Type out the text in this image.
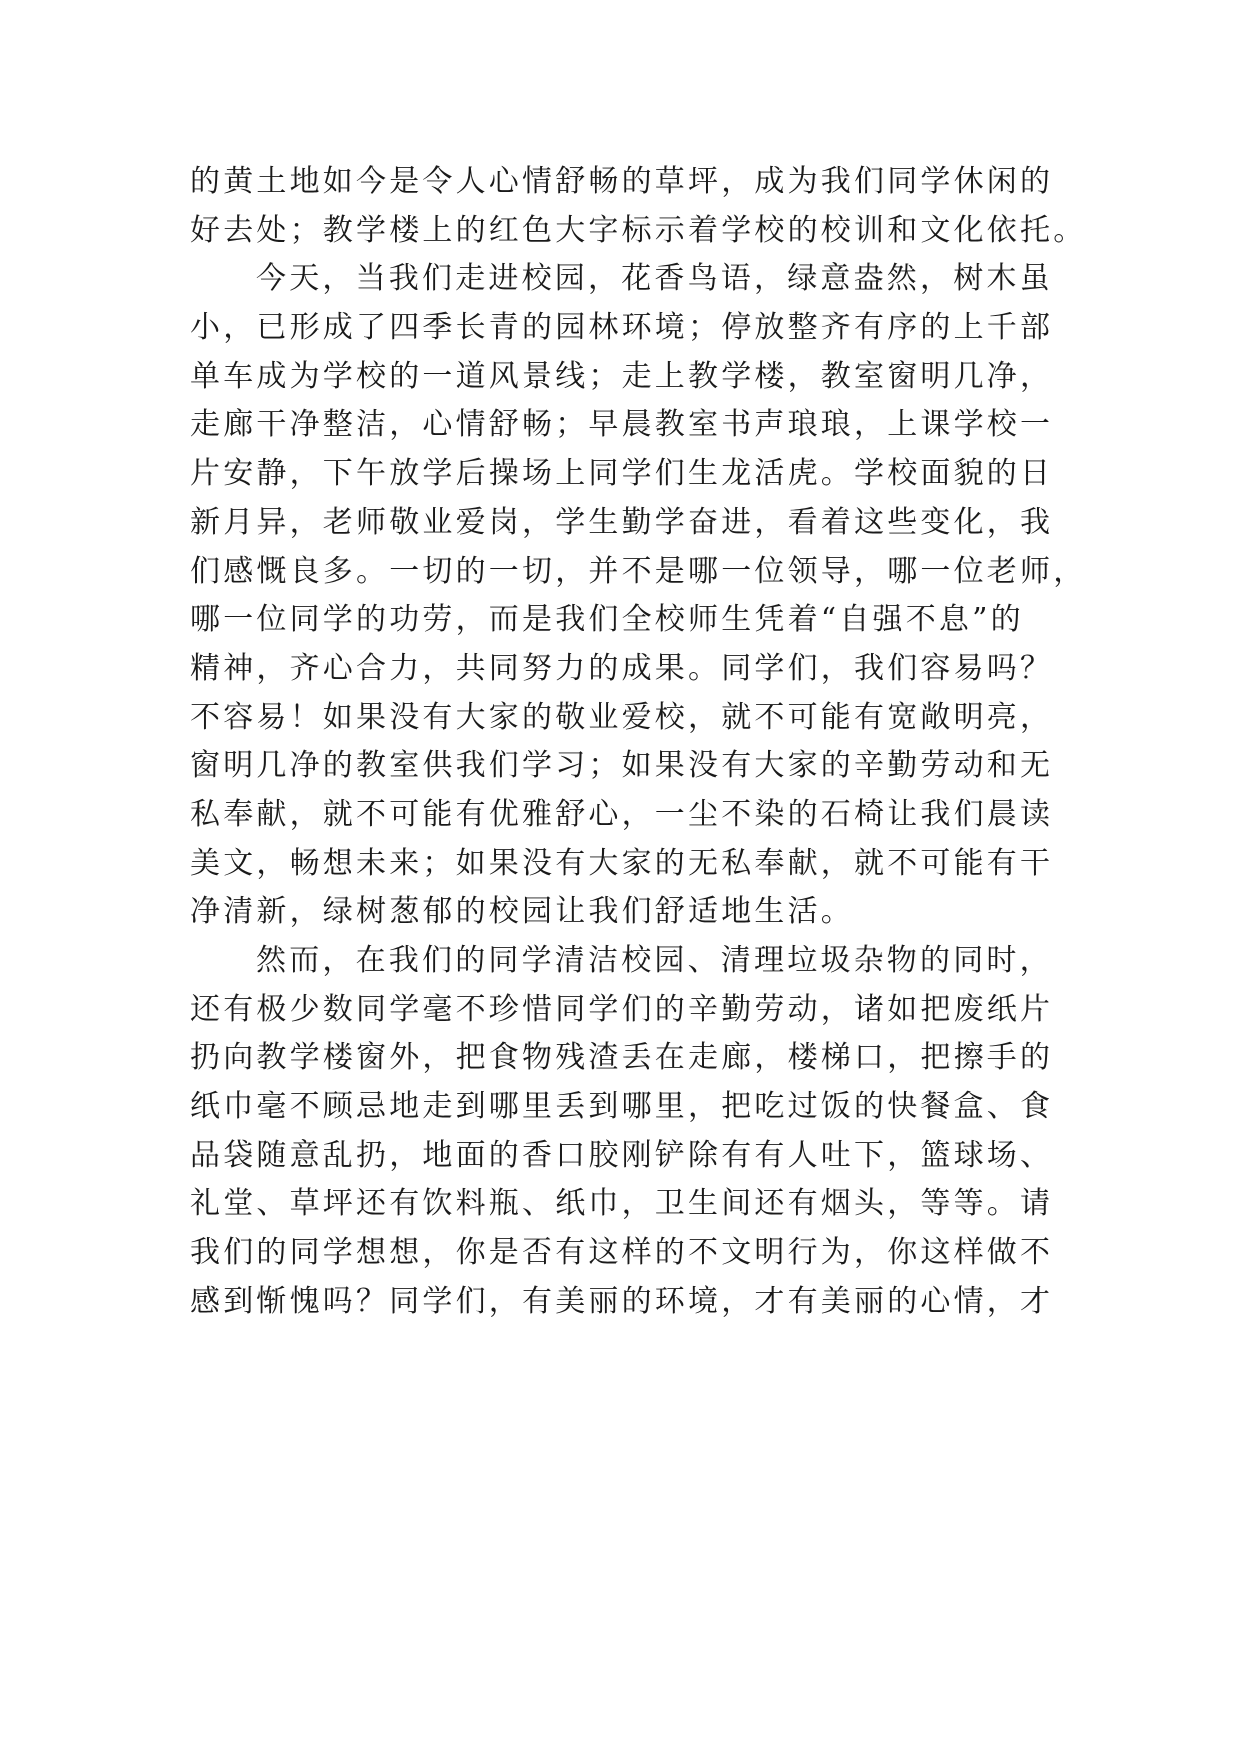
的黄土地如今是令人心情舒畅的草坪，成为我们同学休闲的
好去处；教学楼上的红色大字标示着学校的校训和文化依托。
今天，当我们走进校园，花香鸟语，绿意盎然，树木虽
小，已形成了四季长青的园林环境；停放整齐有序的上千部
单车成为学校的一道风景线；走上教学楼，教室窗明几净，
走廊干净整洁，心情舒畅；早晨教室书声琅琅，上课学校一
片安静，下午放学后操场上同学们生龙活虎。学校面貌的日
新月异，老师敬业爱岗，学生勤学奋进，看着这些变化，我
们感慨良多。一切的一切，并不是哪一位领导，哪一位老师，
哪一位同学的功劳，而是我们全校师生凭着“自强不息”的
精神，齐心合力，共同努力的成果。同学们，我们容易吗？
不容易！如果没有大家的敬业爱校，就不可能有宽敞明亮，
窗明几净的教室供我们学习；如果没有大家的辛勤劳动和无
私奉献，就不可能有优雅舒心，一尘不染的石椅让我们晨读
美文，畅想未来；如果没有大家的无私奉献，就不可能有干
净清新，绿树葱郁的校园让我们舒适地生活。
然而，在我们的同学清洁校园、清理垃圾杂物的同时，
还有极少数同学毫不珍惜同学们的辛勤劳动，诸如把废纸片
扔向教学楼窗外，把食物残渣丢在走廊，楼梯口，把擦手的
纸巾毫不顾忌地走到哪里丢到哪里，把吃过饭的快餐盒、食
品袋随意乱扔，地面的香口胶刚铲除有有人吐下，篮球场、
礼堂、草坪还有饮料瓶、纸巾，卫生间还有烟头，等等。请
我们的同学想想，你是否有这样的不文明行为，你这样做不
感到惭愧吗？同学们，有美丽的环境，才有美丽的心情，才
